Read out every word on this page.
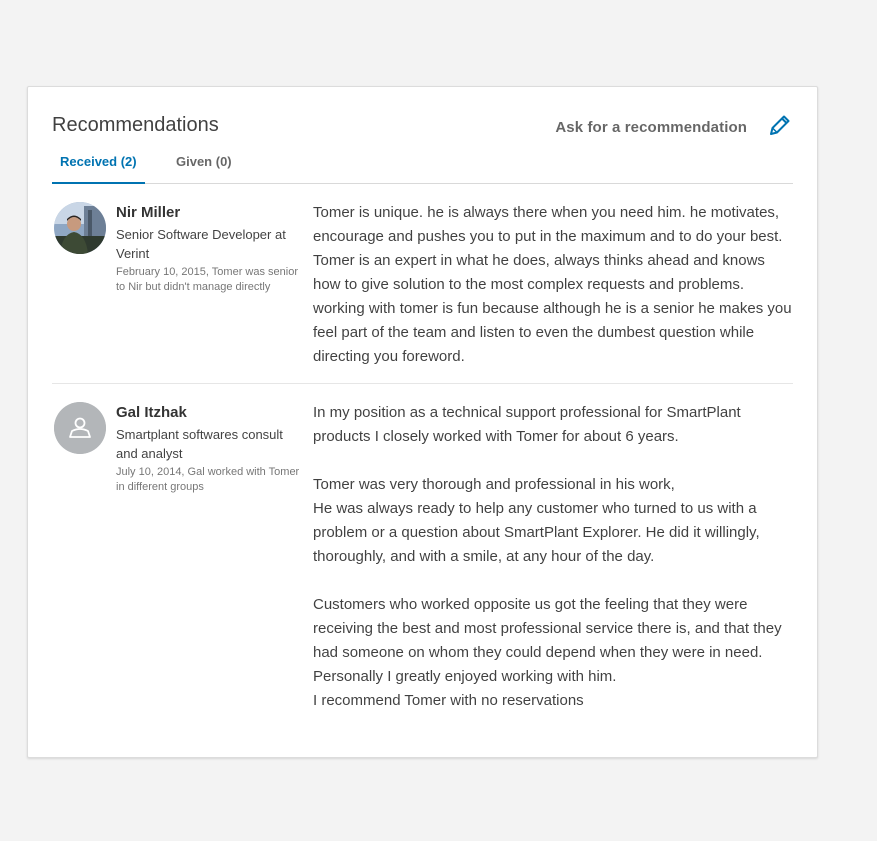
Recommendations	Ask for a recommendation
Received (2)	Given (0)

Nir Miller

Senior Software Developer at Verint

February 10, 2015, Tomer was senior to Nir but didn't manage directly

Tomer is unique. he is always there when you need him. he motivates, encourage and pushes you to put in the maximum and to do your best. Tomer is an expert in what he does, always thinks ahead and knows how to give solution to the most complex requests and problems. working with tomer is fun because although he is a senior he makes you feel part of the team and listen to even the dumbest question while directing you foreword.

Gal Itzhak

Smartplant softwares consult and analyst

July 10, 2014, Gal worked with Tomer in different groups

In my position as a technical support professional for SmartPlant products I closely worked with Tomer for about 6 years.

Tomer was very thorough and professional in his work,

He was always ready to help any customer who turned to us with a problem or a question about SmartPlant Explorer. He did it willingly, thoroughly, and with a smile, at any hour of the day.

Customers who worked opposite us got the feeling that they were receiving the best and most professional service there is, and that they had someone on whom they could depend when they were in need.

Personally I greatly enjoyed working with him.

I recommend Tomer with no reservations
